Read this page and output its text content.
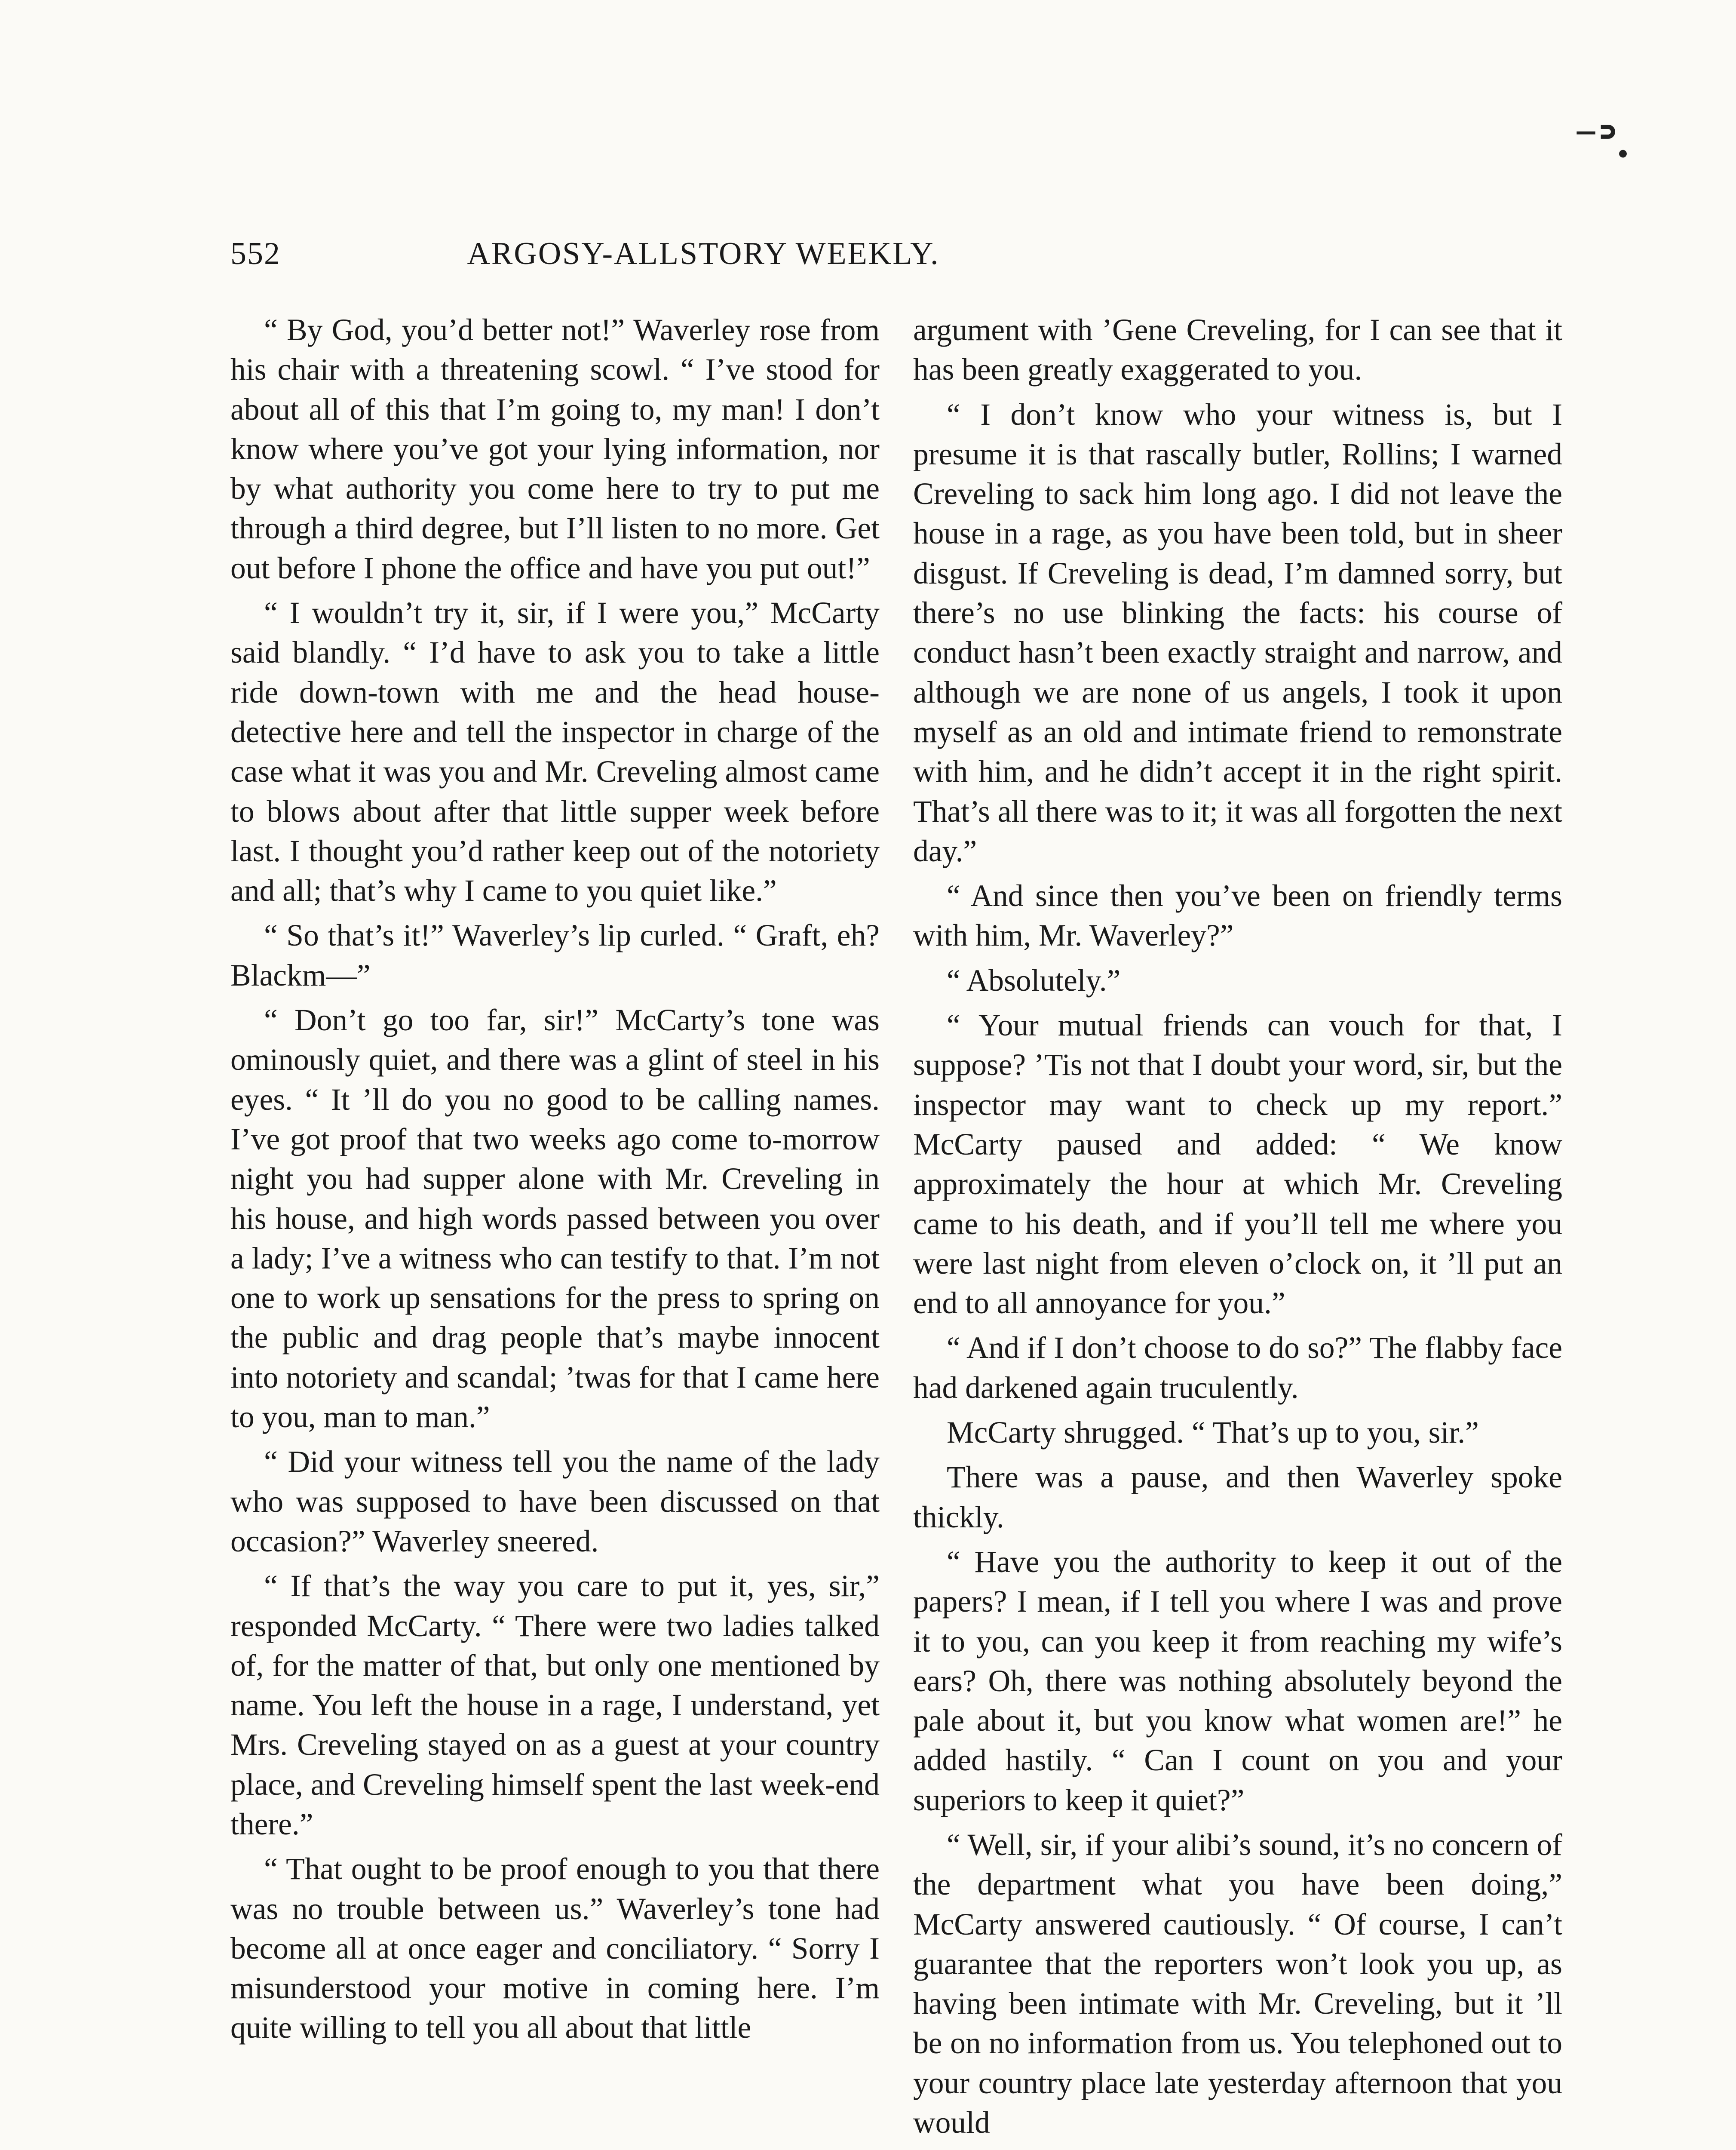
⁻ᐣ.
552	ARGOSY-ALLSTORY WEEKLY.

“ By God, you’d better not!” Waverley rose from his chair with a threatening scowl. “ I’ve stood for about all of this that I’m going to, my man! I don’t know where you’ve got your lying information, nor by what authority you come here to try to put me through a third degree, but I’ll listen to no more. Get out before I phone the office and have you put out!”

“ I wouldn’t try it, sir, if I were you,” McCarty said blandly. “ I’d have to ask you to take a little ride down-town with me and the head house-detective here and tell the inspector in charge of the case what it was you and Mr. Creveling almost came to blows about after that little supper week before last. I thought you’d rather keep out of the notoriety and all; that’s why I came to you quiet like.”

“ So that’s it!” Waverley’s lip curled. “ Graft, eh? Blackm—”

“ Don’t go too far, sir!” McCarty’s tone was ominously quiet, and there was a glint of steel in his eyes. “ It ’ll do you no good to be calling names. I’ve got proof that two weeks ago come to-morrow night you had supper alone with Mr. Creveling in his house, and high words passed between you over a lady; I’ve a witness who can testify to that. I’m not one to work up sensations for the press to spring on the public and drag people that’s maybe innocent into notoriety and scandal; ’twas for that I came here to you, man to man.”

“ Did your witness tell you the name of the lady who was supposed to have been discussed on that occasion?” Waverley sneered.

“ If that’s the way you care to put it, yes, sir,” responded McCarty. “ There were two ladies talked of, for the matter of that, but only one mentioned by name. You left the house in a rage, I understand, yet Mrs. Creveling stayed on as a guest at your country place, and Creveling himself spent the last week-end there.”

“ That ought to be proof enough to you that there was no trouble between us.” Waverley’s tone had become all at once eager and conciliatory. “ Sorry I misunderstood your motive in coming here. I’m quite willing to tell you all about that little

argument with ’Gene Creveling, for I can see that it has been greatly exaggerated to you.

“ I don’t know who your witness is, but I presume it is that rascally butler, Rollins; I warned Creveling to sack him long ago. I did not leave the house in a rage, as you have been told, but in sheer disgust. If Creveling is dead, I’m damned sorry, but there’s no use blinking the facts: his course of conduct hasn’t been exactly straight and narrow, and although we are none of us angels, I took it upon myself as an old and intimate friend to remonstrate with him, and he didn’t accept it in the right spirit. That’s all there was to it; it was all forgotten the next day.”

“ And since then you’ve been on friendly terms with him, Mr. Waverley?”

“ Absolutely.”

“ Your mutual friends can vouch for that, I suppose? ’Tis not that I doubt your word, sir, but the inspector may want to check up my report.” McCarty paused and added: “ We know approximately the hour at which Mr. Creveling came to his death, and if you’ll tell me where you were last night from eleven o’clock on, it ’ll put an end to all annoyance for you.”

“ And if I don’t choose to do so?” The flabby face had darkened again truculently.

McCarty shrugged. “ That’s up to you, sir.”

There was a pause, and then Waverley spoke thickly.

“ Have you the authority to keep it out of the papers? I mean, if I tell you where I was and prove it to you, can you keep it from reaching my wife’s ears? Oh, there was nothing absolutely beyond the pale about it, but you know what women are!” he added hastily. “ Can I count on you and your superiors to keep it quiet?”

“ Well, sir, if your alibi’s sound, it’s no concern of the department what you have been doing,” McCarty answered cautiously. “ Of course, I can’t guarantee that the reporters won’t look you up, as having been intimate with Mr. Creveling, but it ’ll be on no information from us. You telephoned out to your country place late yesterday afternoon that you would
